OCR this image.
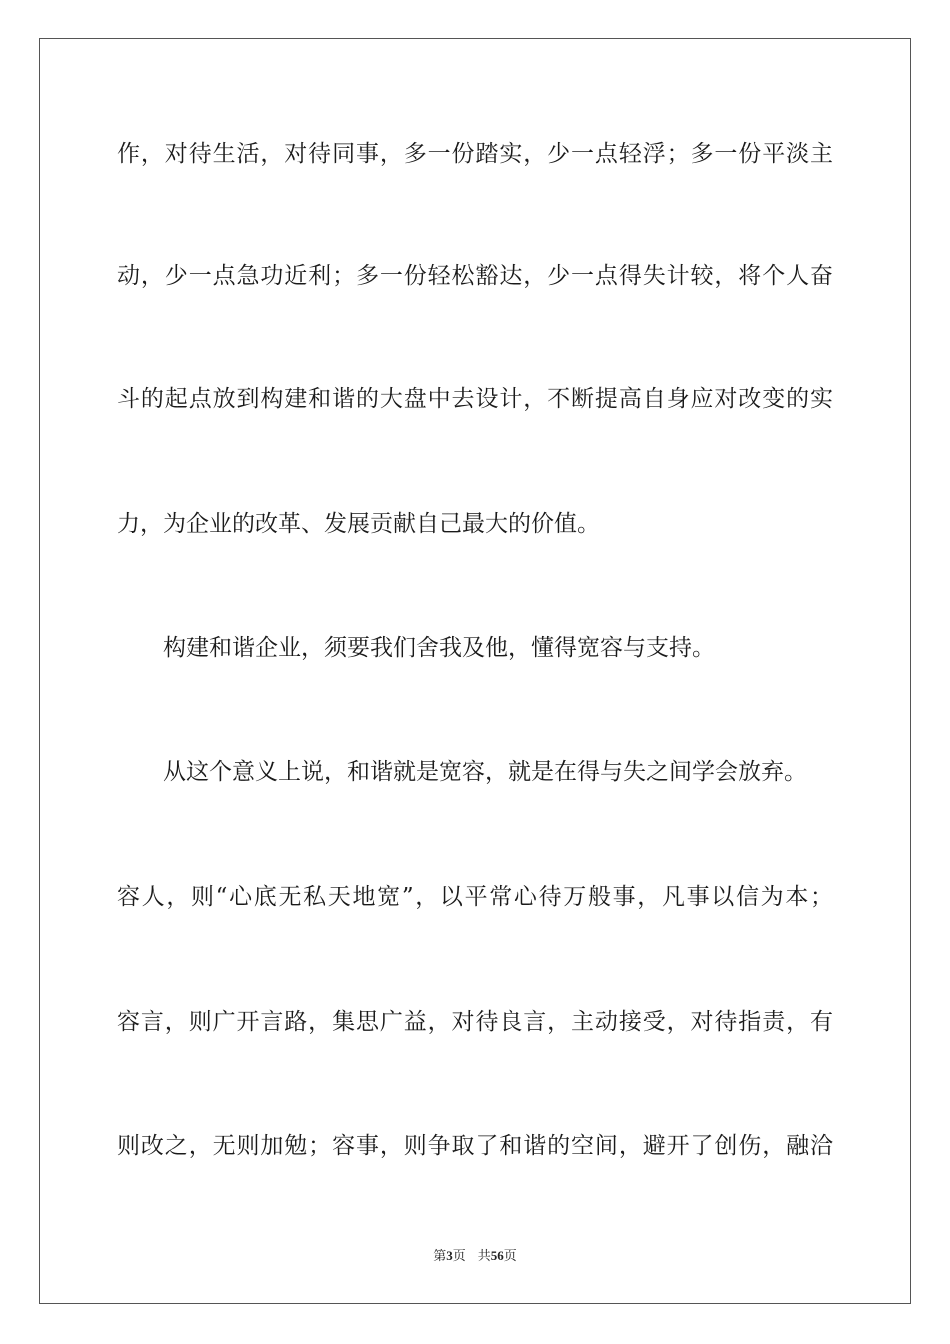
作，对待生活，对待同事，多一份踏实，少一点轻浮；多一份平淡主
动，少一点急功近利；多一份轻松豁达，少一点得失计较，将个人奋
斗的起点放到构建和谐的大盘中去设计，不断提高自身应对改变的实
力，为企业的改革、发展贡献自己最大的价值。
构建和谐企业，须要我们舍我及他，懂得宽容与支持。
从这个意义上说，和谐就是宽容，就是在得与失之间学会放弃。
容人，则“心底无私天地宽”，以平常心待万般事，凡事以信为本；
容言，则广开言路，集思广益，对待良言，主动接受，对待指责，有
则改之，无则加勉；容事，则争取了和谐的空间，避开了创伤，融洽
第3页 共56页
